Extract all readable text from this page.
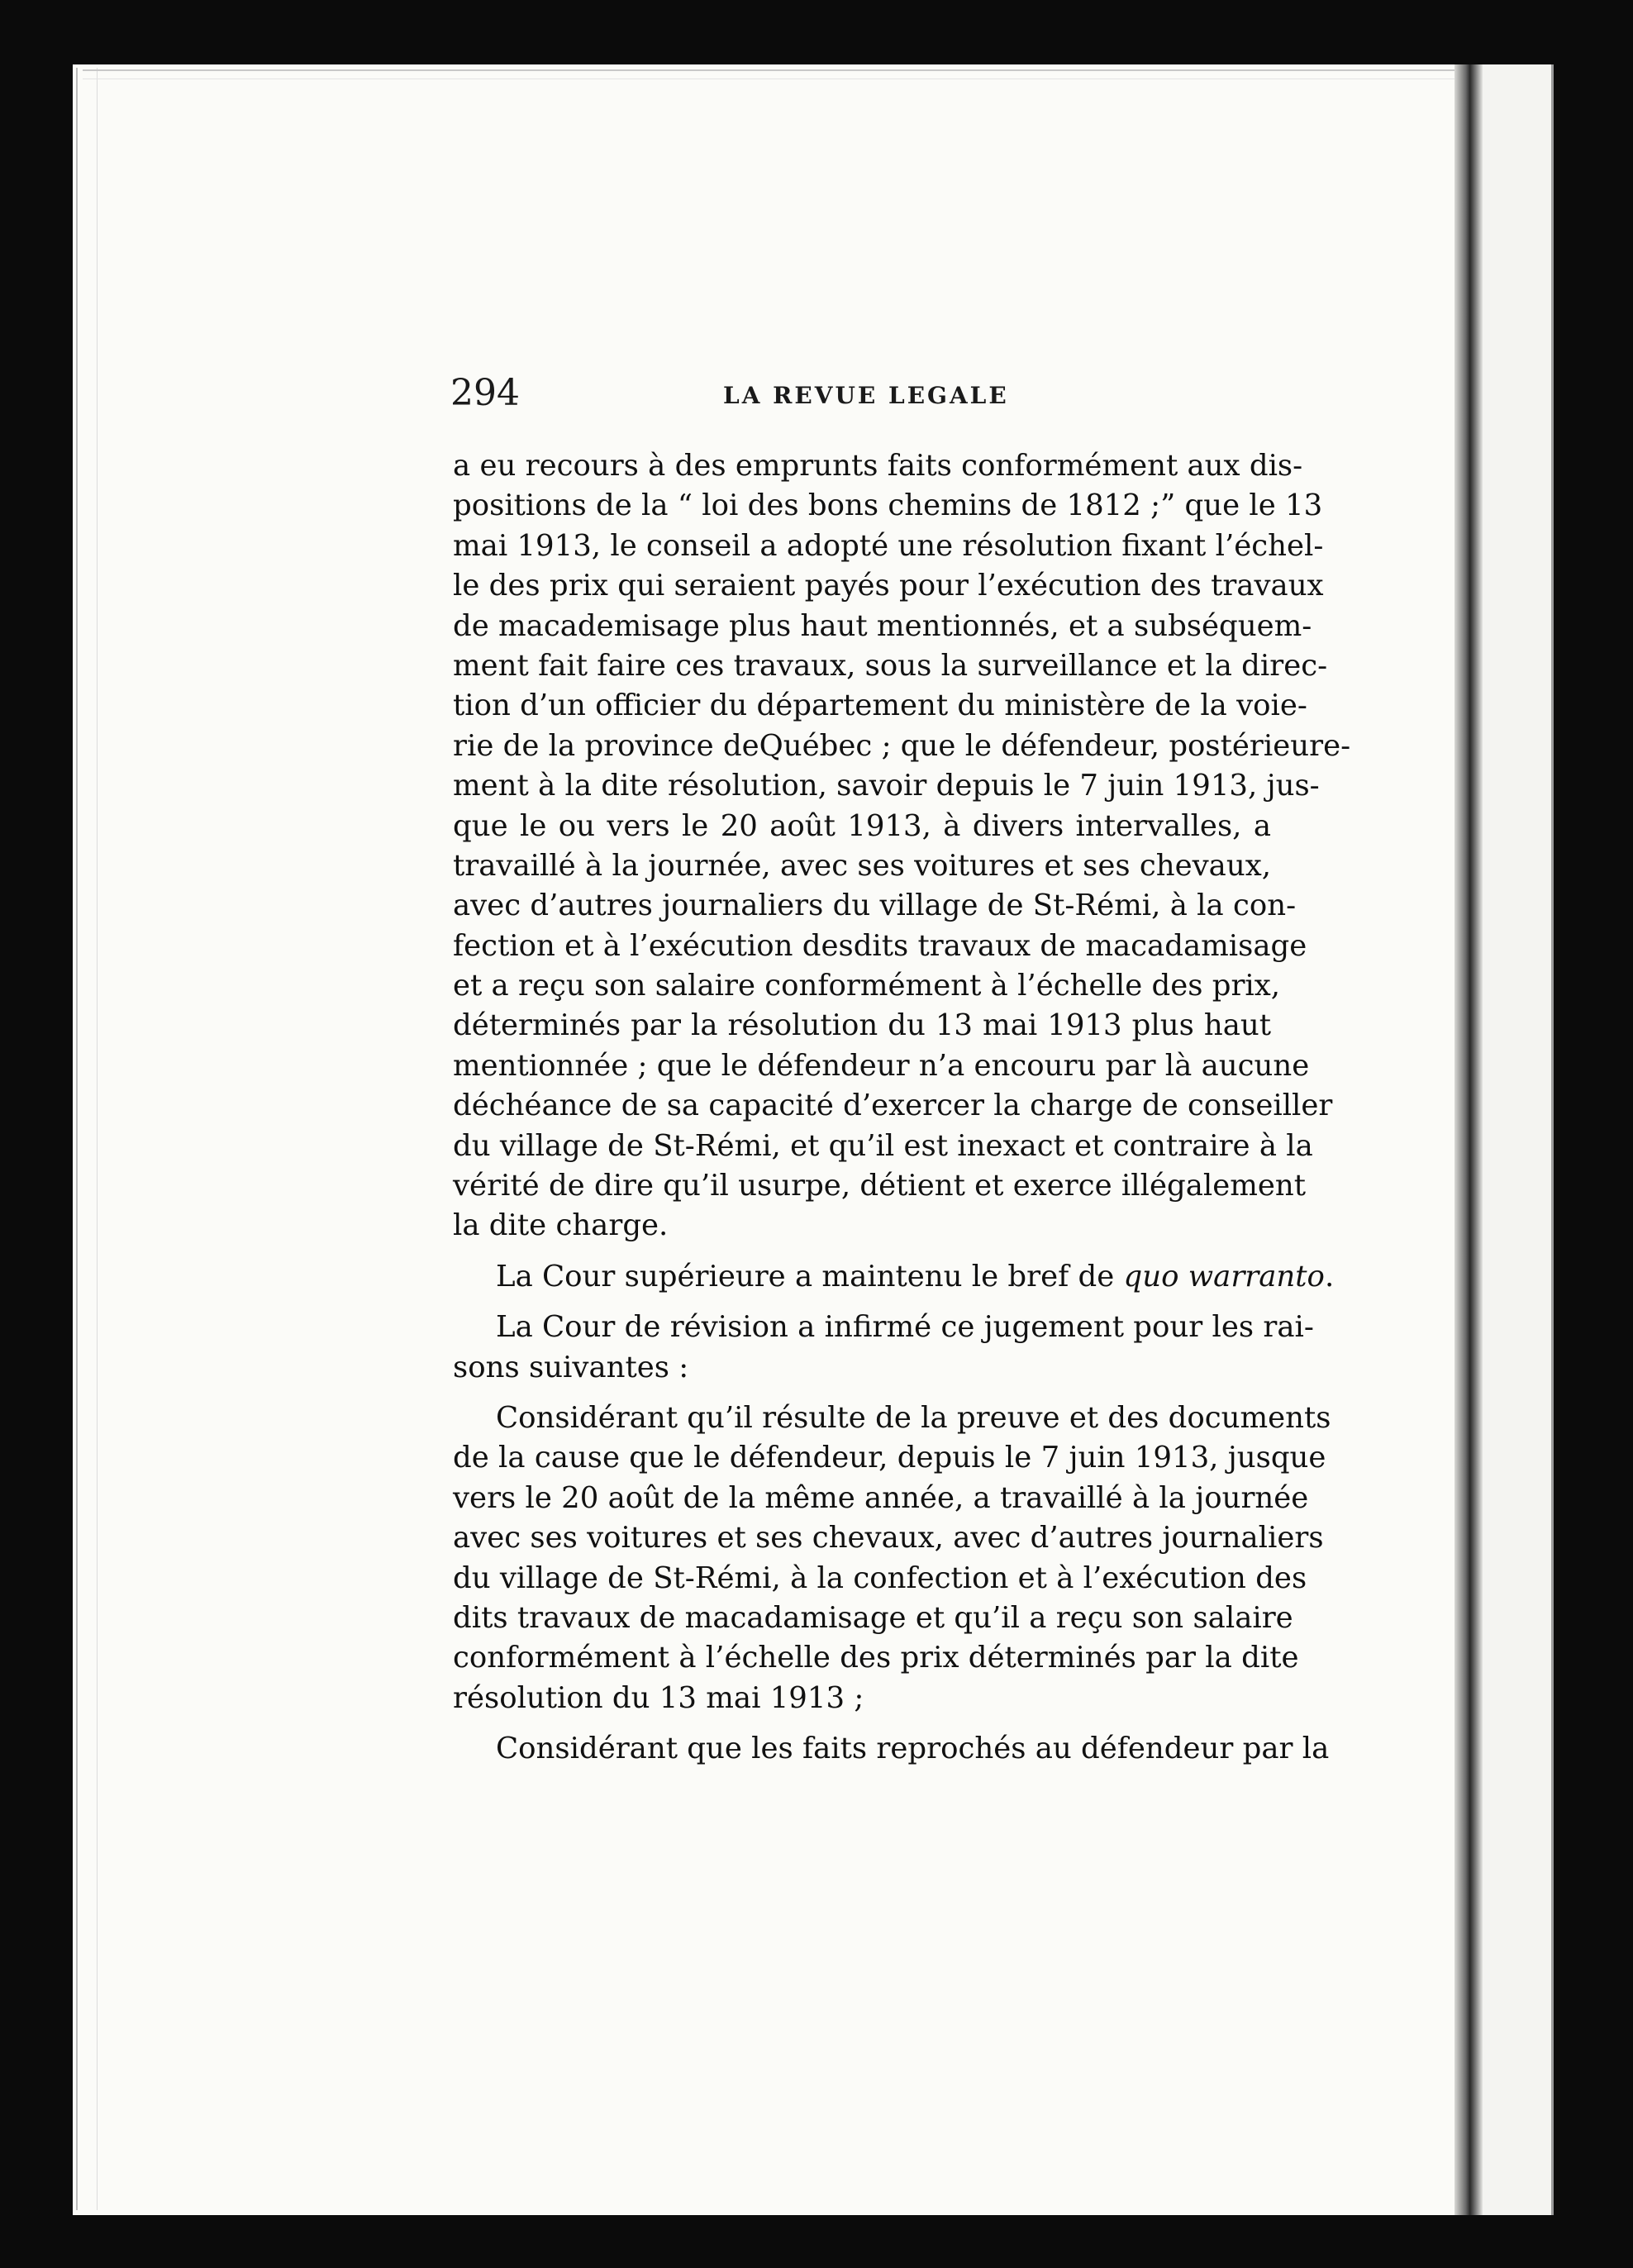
294	LA REVUE LEGALE
a eu recours à des emprunts faits conformément aux dis-
positions de la “ loi des bons chemins de 1812 ;” que le 13
mai 1913, le conseil a adopté une résolution fixant l’échel-
le des prix qui seraient payés pour l’exécution des travaux
de macademisage plus haut mentionnés, et a subséquem-
ment fait faire ces travaux, sous la surveillance et la direc-
tion d’un officier du département du ministère de la voie-
rie de la province deQuébec ; que le défendeur, postérieure-
ment à la dite résolution, savoir depuis le 7 juin 1913, jus-
que le ou vers le 20 août 1913, à divers intervalles, a
travaillé à la journée, avec ses voitures et ses chevaux,
avec d’autres journaliers du village de St-Rémi, à la con-
fection et à l’exécution desdits travaux de macadamisage
et a reçu son salaire conformément à l’échelle des prix,
déterminés par la résolution du 13 mai 1913 plus haut
mentionnée ; que le défendeur n’a encouru par là aucune
déchéance de sa capacité d’exercer la charge de conseiller
du village de St-Rémi, et qu’il est inexact et contraire à la
vérité de dire qu’il usurpe, détient et exerce illégalement
la dite charge.
La Cour supérieure a maintenu le bref de quo warranto.
La Cour de révision a infirmé ce jugement pour les rai-
sons suivantes :
Considérant qu’il résulte de la preuve et des documents
de la cause que le défendeur, depuis le 7 juin 1913, jusque
vers le 20 août de la même année, a travaillé à la journée
avec ses voitures et ses chevaux, avec d’autres journaliers
du village de St-Rémi, à la confection et à l’exécution des
dits travaux de macadamisage et qu’il a reçu son salaire
conformément à l’échelle des prix déterminés par la dite
résolution du 13 mai 1913 ;
Considérant que les faits reprochés au défendeur par la
